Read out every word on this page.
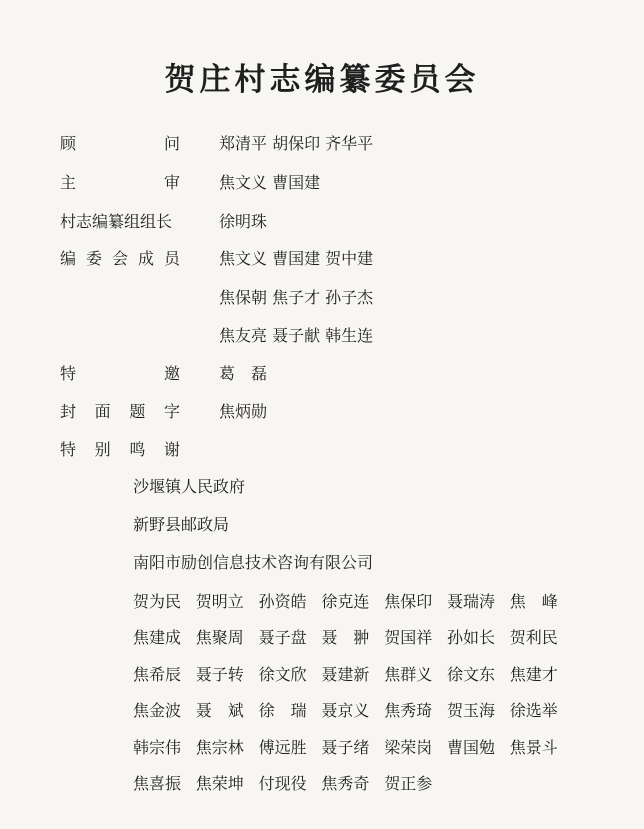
贺庄村志编纂委员会
顾	问 郑清平 胡保印 齐华平
主	审 焦文义 曹国建
村志编纂组组长	徐明珠
编 委 会 成 员 焦文义 曹国建 贺中建
焦保朝 焦子才 孙子杰
焦友亮 聂子献 韩生连
特	邀 葛　磊
封 面 题 字 焦炳勋
特 别 鸣 谢
沙堰镇人民政府
新野县邮政局
南阳市励创信息技术咨询有限公司
贺为民 贺明立 孙资皓 徐克连 焦保印 聂瑞涛 焦　峰
焦建成 焦聚周 聂子盘 聂　翀 贺国祥 孙如长 贺利民
焦希辰 聂子转 徐文欣 聂建新 焦群义 徐文东 焦建才
焦金波 聂　斌 徐　瑞 聂京义 焦秀琦 贺玉海 徐选举
韩宗伟 焦宗林 傅远胜 聂子绪 梁荣岗 曹国勉 焦景斗
焦喜振 焦荣坤 付现役 焦秀奇 贺正参
